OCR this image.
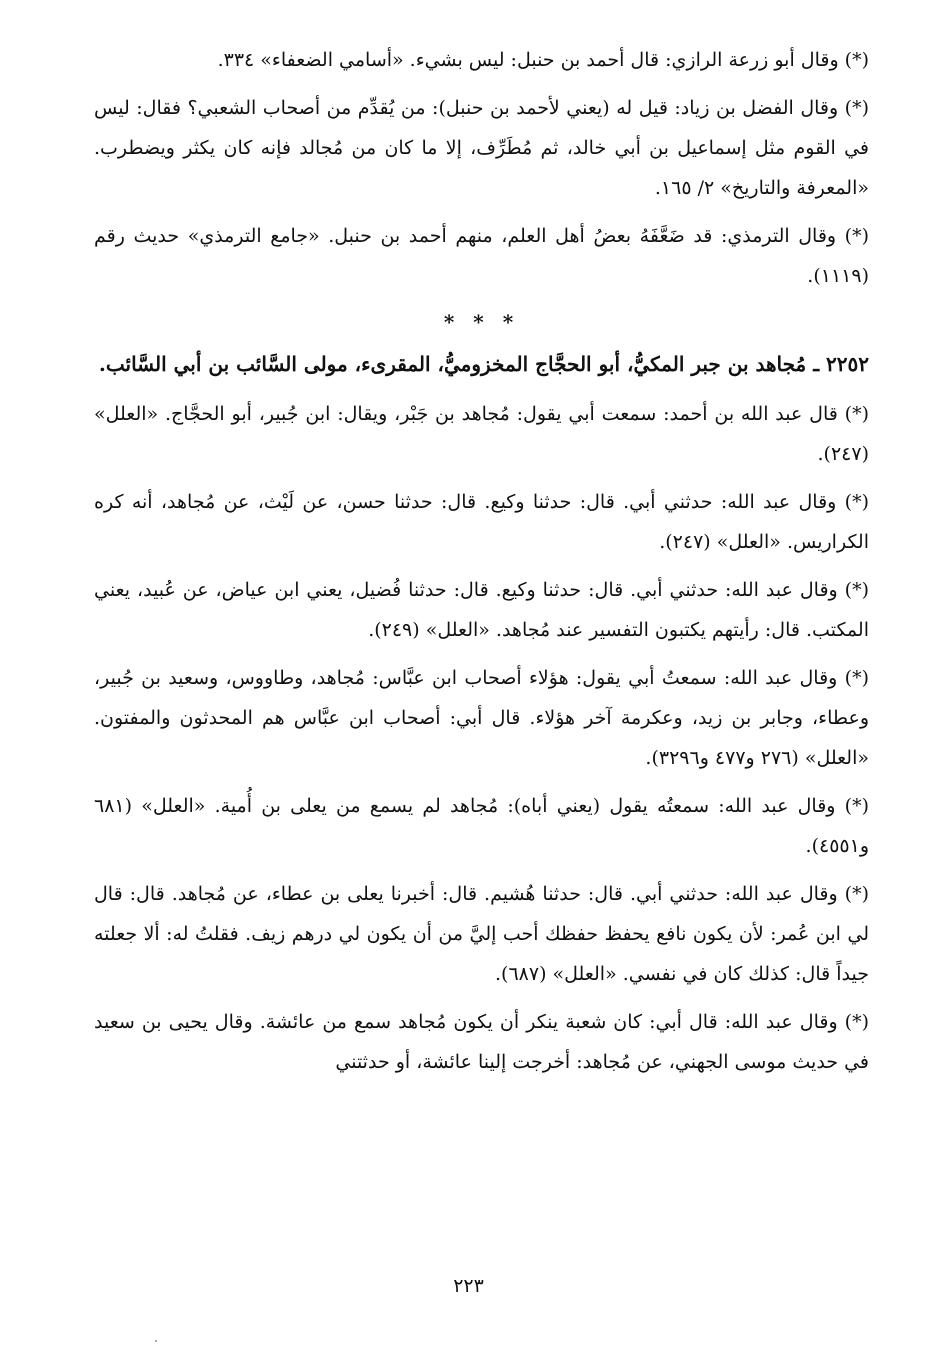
(*) وقال أبو زرعة الرازي: قال أحمد بن حنبل: ليس بشيء. «أسامي الضعفاء» ٣٣٤.

(*) وقال الفضل بن زياد: قيل له (يعني لأحمد بن حنبل): من يُقدِّم من أصحاب الشعبي؟ فقال: ليس في القوم مثل إسماعيل بن أبي خالد، ثم مُطَرِّف، إلا ما كان من مُجالد فإنه كان يكثر ويضطرب. «المعرفة والتاريخ» ٢/ ١٦٥.

(*) وقال الترمذي: قد ضَعَّفَهُ بعضُ أهل العلم، منهم أحمد بن حنبل. «جامع الترمذي» حديث رقم (١١١٩).

* * *

٢٢٥٢ ـ مُجاهد بن جبر المكيُّ، أبو الحجَّاج المخزوميُّ، المقرىء، مولى السَّائب بن أبي السَّائب.

(*) قال عبد الله بن أحمد: سمعت أبي يقول: مُجاهد بن جَبْر، ويقال: ابن جُبير، أبو الحجَّاج. «العلل» (٢٤٧).

(*) وقال عبد الله: حدثني أبي. قال: حدثنا وكيع. قال: حدثنا حسن، عن لَيْث، عن مُجاهد، أنه كره الكراريس. «العلل» (٢٤٧).

(*) وقال عبد الله: حدثني أبي. قال: حدثنا وكيع. قال: حدثنا فُضيل، يعني ابن عياض، عن عُبيد، يعني المكتب. قال: رأيتهم يكتبون التفسير عند مُجاهد. «العلل» (٢٤٩).

(*) وقال عبد الله: سمعتُ أبي يقول: هؤلاء أصحاب ابن عبَّاس: مُجاهد، وطاووس، وسعيد بن جُبير، وعطاء، وجابر بن زيد، وعكرمة آخر هؤلاء. قال أبي: أصحاب ابن عبَّاس هم المحدثون والمفتون. «العلل» (٢٧٦ و٤٧٧ و٣٢٩٦).

(*) وقال عبد الله: سمعتُه يقول (يعني أباه): مُجاهد لم يسمع من يعلى بن أُمية. «العلل» (٦٨١ و٤٥٥١).

(*) وقال عبد الله: حدثني أبي. قال: حدثنا هُشيم. قال: أخبرنا يعلى بن عطاء، عن مُجاهد. قال: قال لي ابن عُمر: لأن يكون نافع يحفظ حفظك أحب إليَّ من أن يكون لي درهم زيف. فقلتُ له: ألا جعلته جيداً قال: كذلك كان في نفسي. «العلل» (٦٨٧).

(*) وقال عبد الله: قال أبي: كان شعبة ينكر أن يكون مُجاهد سمع من عائشة. وقال يحيى بن سعيد في حديث موسى الجهني، عن مُجاهد: أخرجت إلينا عائشة، أو حدثتني

٢٢٣
